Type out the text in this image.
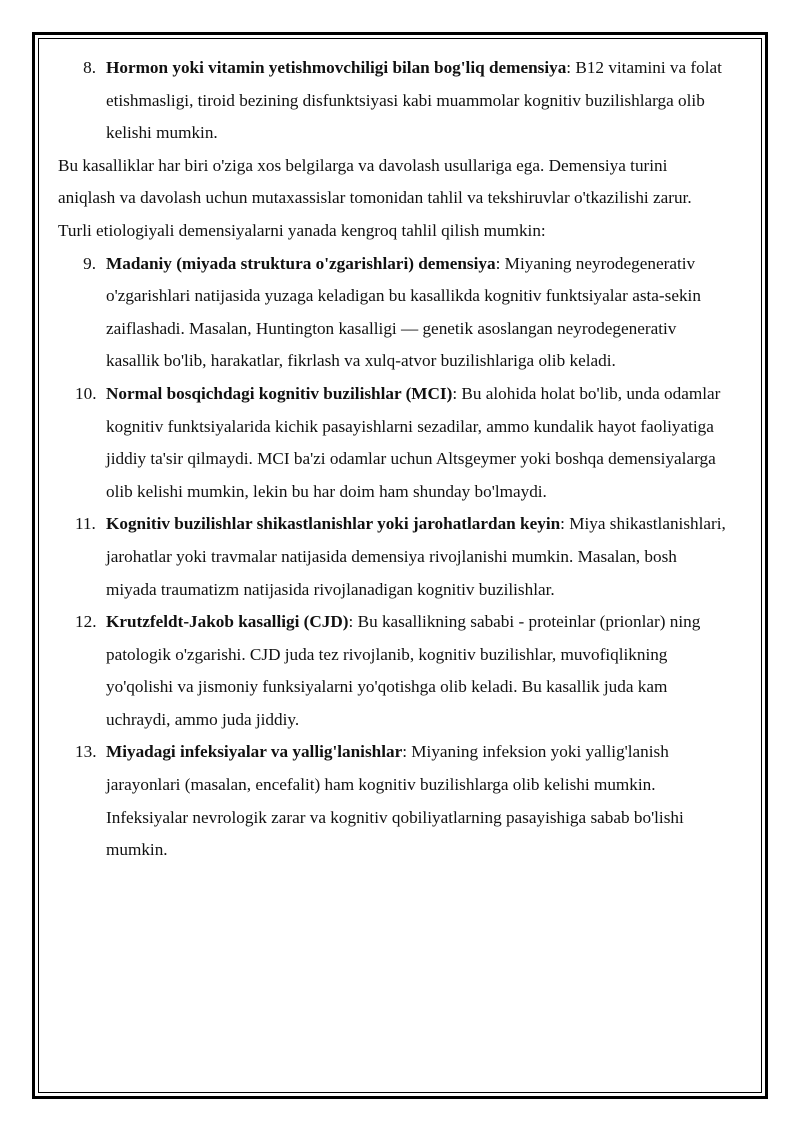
8. Hormon yoki vitamin yetishmovchiligi bilan bog'liq demensiya: B12 vitamini va folat etishmasligi, tiroid bezining disfunktsiyasi kabi muammolar kognitiv buzilishlarga olib kelishi mumkin.

Bu kasalliklar har biri o'ziga xos belgilarga va davolash usullariga ega. Demensiya turini aniqlash va davolash uchun mutaxassislar tomonidan tahlil va tekshiruvlar o'tkazilishi zarur.

Turli etiologiyali demensiyalarni yanada kengroq tahlil qilish mumkin:

9. Madaniy (miyada struktura o'zgarishlari) demensiya: Miyaning neyrodegenerativ o'zgarishlari natijasida yuzaga keladigan bu kasallikda kognitiv funktsiyalar asta-sekin zaiflashadi. Masalan, Huntington kasalligi — genetik asoslangan neyrodegenerativ kasallik bo'lib, harakatlar, fikrlash va xulq-atvor buzilishlariga olib keladi.
10. Normal bosqichdagi kognitiv buzilishlar (MCI): Bu alohida holat bo'lib, unda odamlar kognitiv funktsiyalarida kichik pasayishlarni sezadilar, ammo kundalik hayot faoliyatiga jiddiy ta'sir qilmaydi. MCI ba'zi odamlar uchun Altsgeymer yoki boshqa demensiyalarga olib kelishi mumkin, lekin bu har doim ham shunday bo'lmaydi.
11. Kognitiv buzilishlar shikastlanishlar yoki jarohatlardan keyin: Miya shikastlanishlari, jarohatlar yoki travmalar natijasida demensiya rivojlanishi mumkin. Masalan, bosh miyada traumatizm natijasida rivojlanadigan kognitiv buzilishlar.
12. Krutzfeldt-Jakob kasalligi (CJD): Bu kasallikning sababi - proteinlar (prionlar) ning patologik o'zgarishi. CJD juda tez rivojlanib, kognitiv buzilishlar, muvofiqlikning yo'qolishi va jismoniy funksiyalarni yo'qotishga olib keladi. Bu kasallik juda kam uchraydi, ammo juda jiddiy.
13. Miyadagi infeksiyalar va yallig'lanishlar: Miyaning infeksion yoki yallig'lanish jarayonlari (masalan, encefalit) ham kognitiv buzilishlarga olib kelishi mumkin. Infeksiyalar nevrologik zarar va kognitiv qobiliyatlarning pasayishiga sabab bo'lishi mumkin.
